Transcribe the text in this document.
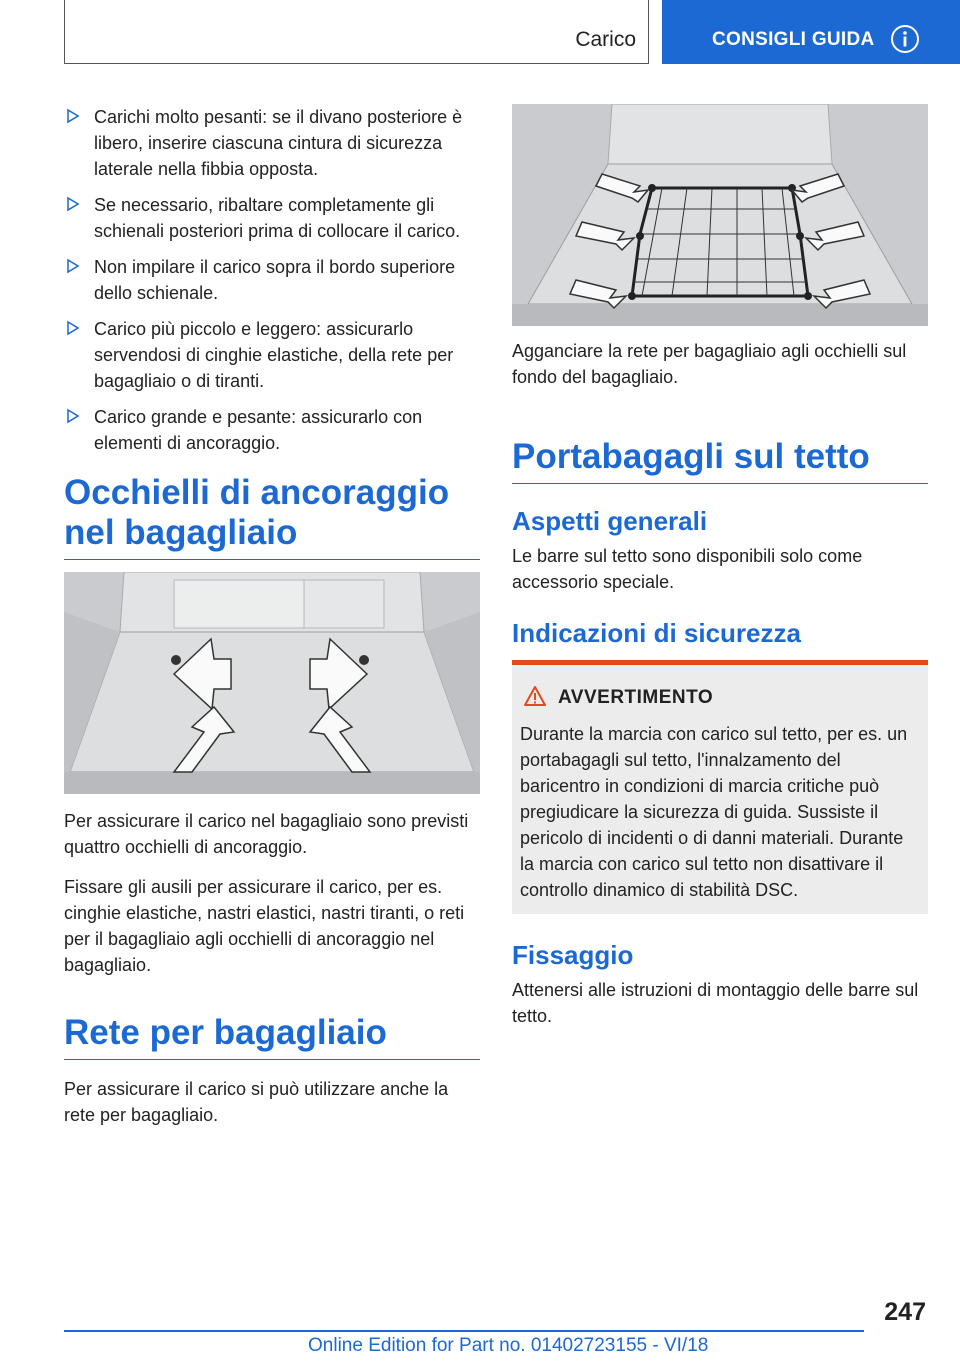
Carico	CONSIGLI GUIDA
Carichi molto pesanti: se il divano posteriore è libero, inserire ciascuna cintura di sicurezza laterale nella fibbia opposta.
Se necessario, ribaltare completamente gli schienali posteriori prima di collocare il carico.
Non impilare il carico sopra il bordo superiore dello schienale.
Carico più piccolo e leggero: assicurarlo servendosi di cinghie elastiche, della rete per bagagliaio o di tiranti.
Carico grande e pesante: assicurarlo con elementi di ancoraggio.
Occhielli di ancoraggio nel bagagliaio

Per assicurare il carico nel bagagliaio sono previsti quattro occhielli di ancoraggio.

Fissare gli ausili per assicurare il carico, per es. cinghie elastiche, nastri elastici, nastri tiranti, o reti per il bagagliaio agli occhielli di ancoraggio nel bagagliaio.

Rete per bagagliaio

Per assicurare il carico si può utilizzare anche la rete per bagagliaio.

Agganciare la rete per bagagliaio agli occhielli sul fondo del bagagliaio.

Portabagagli sul tetto
Aspetti generali

Le barre sul tetto sono disponibili solo come accessorio speciale.

Indicazioni di sicurezza
AVVERTIMENTO
Durante la marcia con carico sul tetto, per es. un portabagagli sul tetto, l'innalzamento del baricentro in condizioni di marcia critiche può pregiudicare la sicurezza di guida. Sussiste il pericolo di incidenti o di danni materiali. Durante la marcia con carico sul tetto non disattivare il controllo dinamico di stabilità DSC.
Fissaggio

Attenersi alle istruzioni di montaggio delle barre sul tetto.

247
Online Edition for Part no. 01402723155 - VI/18
